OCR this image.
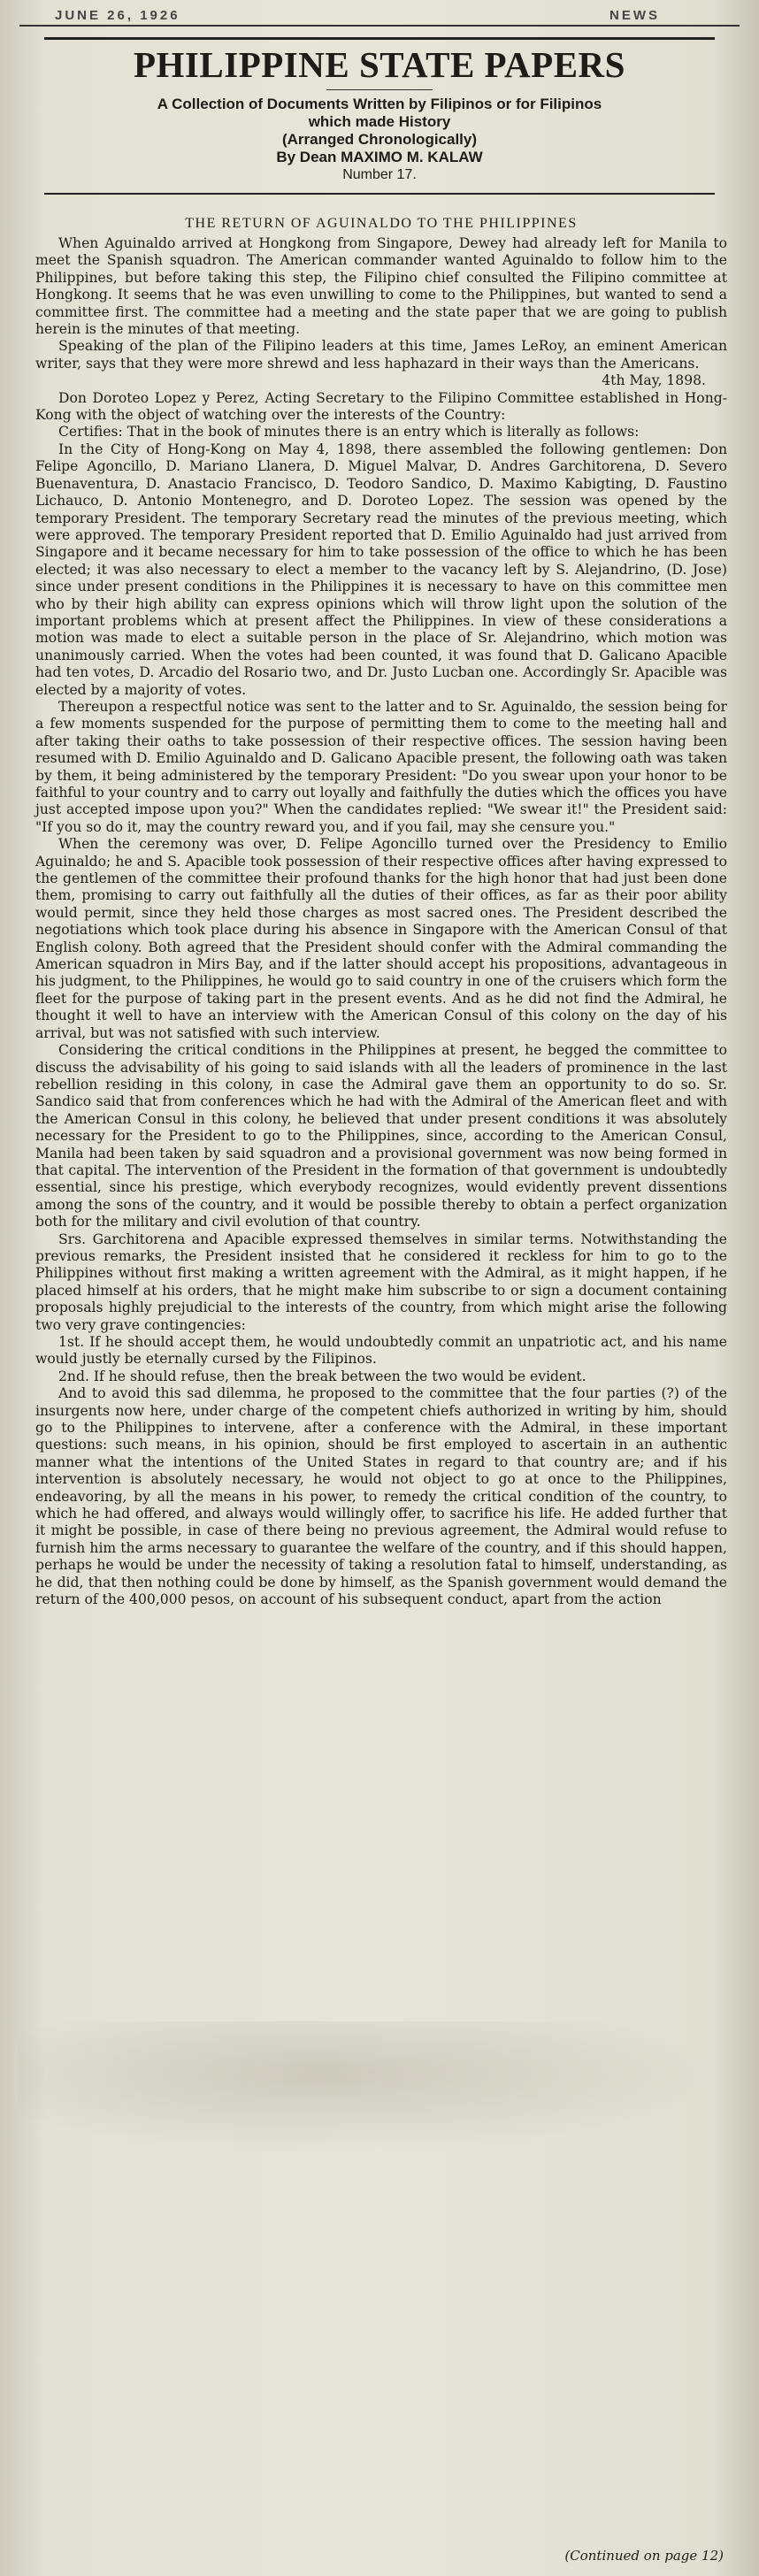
JUNE 26, 1926	NEWS
PHILIPPINE STATE PAPERS
A Collection of Documents Written by Filipinos or for Filipinos
which made History
(Arranged Chronologically)
By Dean MAXIMO M. KALAW
Number 17.
THE RETURN OF AGUINALDO TO THE PHILIPPINES

When Aguinaldo arrived at Hongkong from Singapore, Dewey had already left for Manila to meet the Spanish squadron. The American commander wanted Aguinaldo to follow him to the Philippines, but before taking this step, the Filipino chief consulted the Filipino committee at Hongkong. It seems that he was even unwilling to come to the Philippines, but wanted to send a committee first. The committee had a meeting and the state paper that we are going to publish herein is the minutes of that meeting.

Speaking of the plan of the Filipino leaders at this time, James LeRoy, an eminent American writer, says that they were more shrewd and less haphazard in their ways than the Americans.

4th May, 1898.

Don Doroteo Lopez y Perez, Acting Secretary to the Filipino Committee established in Hong-Kong with the object of watching over the interests of the Country:

Certifies: That in the book of minutes there is an entry which is literally as follows:

In the City of Hong-Kong on May 4, 1898, there assembled the following gentlemen: Don Felipe Agoncillo, D. Mariano Llanera, D. Miguel Malvar, D. Andres Garchitorena, D. Severo Buenaventura, D. Anastacio Francisco, D. Teodoro Sandico, D. Maximo Kabigting, D. Faustino Lichauco, D. Antonio Montenegro, and D. Doroteo Lopez. The session was opened by the temporary President. The temporary Secretary read the minutes of the previous meeting, which were approved. The temporary President reported that D. Emilio Aguinaldo had just arrived from Singapore and it became necessary for him to take possession of the office to which he has been elected; it was also necessary to elect a member to the vacancy left by S. Alejandrino, (D. Jose) since under present conditions in the Philippines it is necessary to have on this committee men who by their high ability can express opinions which will throw light upon the solution of the important problems which at present affect the Philippines. In view of these considerations a motion was made to elect a suitable person in the place of Sr. Alejandrino, which motion was unanimously carried. When the votes had been counted, it was found that D. Galicano Apacible had ten votes, D. Arcadio del Rosario two, and Dr. Justo Lucban one. Accordingly Sr. Apacible was elected by a majority of votes.

Thereupon a respectful notice was sent to the latter and to Sr. Aguinaldo, the session being for a few moments suspended for the purpose of permitting them to come to the meeting hall and after taking their oaths to take possession of their respective offices. The session having been resumed with D. Emilio Aguinaldo and D. Galicano Apacible present, the following oath was taken by them, it being administered by the temporary President: "Do you swear upon your honor to be faithful to your country and to carry out loyally and faithfully the duties which the offices you have just accepted impose upon you?" When the candidates replied: "We swear it!" the President said: "If you so do it, may the country reward you, and if you fail, may she censure you."

When the ceremony was over, D. Felipe Agoncillo turned over the Presidency to Emilio Aguinaldo; he and S. Apacible took possession of their respective offices after having expressed to the gentlemen of the committee their profound thanks for the high honor that had just been done them, promising to carry out faithfully all the duties of their offices, as far as their poor ability would permit, since they held those charges as most sacred ones. The President described the negotiations which took place during his absence in Singapore with the American Consul of that English colony. Both agreed that the President should confer with the Admiral commanding the American squadron in Mirs Bay, and if the latter should accept his propositions, advantageous in his judgment, to the Philippines, he would go to said country in one of the cruisers which form the fleet for the purpose of taking part in the present events. And as he did not find the Admiral, he thought it well to have an interview with the American Consul of this colony on the day of his arrival, but was not satisfied with such interview.

Considering the critical conditions in the Philippines at present, he begged the committee to discuss the advisability of his going to said islands with all the leaders of prominence in the last rebellion residing in this colony, in case the Admiral gave them an opportunity to do so. Sr. Sandico said that from conferences which he had with the Admiral of the American fleet and with the American Consul in this colony, he believed that under present conditions it was absolutely necessary for the President to go to the Philippines, since, according to the American Consul, Manila had been taken by said squadron and a provisional government was now being formed in that capital. The intervention of the President in the formation of that government is undoubtedly essential, since his prestige, which everybody recognizes, would evidently prevent dissentions among the sons of the country, and it would be possible thereby to obtain a perfect organization both for the military and civil evolution of that country.

Srs. Garchitorena and Apacible expressed themselves in similar terms. Notwithstanding the previous remarks, the President insisted that he considered it reckless for him to go to the Philippines without first making a written agreement with the Admiral, as it might happen, if he placed himself at his orders, that he might make him subscribe to or sign a document containing proposals highly prejudicial to the interests of the country, from which might arise the following two very grave contingencies:

1st. If he should accept them, he would undoubtedly commit an unpatriotic act, and his name would justly be eternally cursed by the Filipinos.

2nd. If he should refuse, then the break between the two would be evident.

And to avoid this sad dilemma, he proposed to the committee that the four parties (?) of the insurgents now here, under charge of the competent chiefs authorized in writing by him, should go to the Philippines to intervene, after a conference with the Admiral, in these important questions: such means, in his opinion, should be first employed to ascertain in an authentic manner what the intentions of the United States in regard to that country are; and if his intervention is absolutely necessary, he would not object to go at once to the Philippines, endeavoring, by all the means in his power, to remedy the critical condition of the country, to which he had offered, and always would willingly offer, to sacrifice his life. He added further that it might be possible, in case of there being no previous agreement, the Admiral would refuse to furnish him the arms necessary to guarantee the welfare of the country, and if this should happen, perhaps he would be under the necessity of taking a resolution fatal to himself, understanding, as he did, that then nothing could be done by himself, as the Spanish government would demand the return of the 400,000 pesos, on account of his subsequent conduct, apart from the action

(Continued on page 12)
